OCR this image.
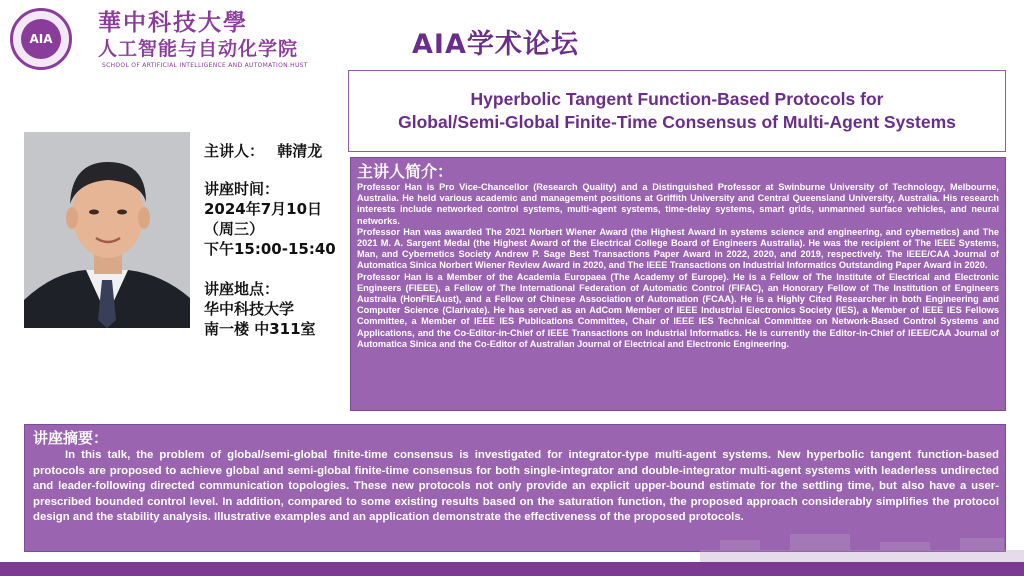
AIA
華中科技大學
人工智能与自动化学院
SCHOOL OF ARTIFICIAL INTELLIGENCE AND AUTOMATION.HUST
AIA学术论坛
Hyperbolic Tangent Function-Based Protocols for
Global/Semi-Global Finite-Time Consensus of Multi-Agent Systems
主讲人： 韩清龙
讲座时间：
2024年7月10日
（周三）
下午15:00-15:40
讲座地点：
华中科技大学
南一楼 中311室
主讲人简介：
Professor Han is Pro Vice-Chancellor (Research Quality) and a Distinguished Professor at Swinburne University of Technology, Melbourne, Australia. He held various academic and management positions at Griffith University and Central Queensland University, Australia. His research interests include networked control systems, multi-agent systems, time-delay systems, smart grids, unmanned surface vehicles, and neural networks.
Professor Han was awarded The 2021 Norbert Wiener Award (the Highest Award in systems science and engineering, and cybernetics) and The 2021 M. A. Sargent Medal (the Highest Award of the Electrical College Board of Engineers Australia). He was the recipient of The IEEE Systems, Man, and Cybernetics Society Andrew P. Sage Best Transactions Paper Award in 2022, 2020, and 2019, respectively. The IEEE/CAA Journal of Automatica Sinica Norbert Wiener Review Award in 2020, and The IEEE Transactions on Industrial Informatics Outstanding Paper Award in 2020.
Professor Han is a Member of the Academia Europaea (The Academy of Europe). He is a Fellow of The Institute of Electrical and Electronic Engineers (FIEEE), a Fellow of The International Federation of Automatic Control (FIFAC), an Honorary Fellow of The Institution of Engineers Australia (HonFIEAust), and a Fellow of Chinese Association of Automation (FCAA). He is a Highly Cited Researcher in both Engineering and Computer Science (Clarivate). He has served as an AdCom Member of IEEE Industrial Electronics Society (IES), a Member of IEEE IES Fellows Committee, a Member of IEEE IES Publications Committee, Chair of IEEE IES Technical Committee on Network-Based Control Systems and Applications, and the Co-Editor-in-Chief of IEEE Transactions on Industrial Informatics. He is currently the Editor-in-Chief of IEEE/CAA Journal of Automatica Sinica and the Co-Editor of Australian Journal of Electrical and Electronic Engineering.
讲座摘要：
In this talk, the problem of global/semi-global finite-time consensus is investigated for integrator-type multi-agent systems. New hyperbolic tangent function-based protocols are proposed to achieve global and semi-global finite-time consensus for both single-integrator and double-integrator multi-agent systems with leaderless undirected and leader-following directed communication topologies. These new protocols not only provide an explicit upper-bound estimate for the settling time, but also have a user-prescribed bounded control level. In addition, compared to some existing results based on the saturation function, the proposed approach considerably simplifies the protocol design and the stability analysis. Illustrative examples and an application demonstrate the effectiveness of the proposed protocols.
